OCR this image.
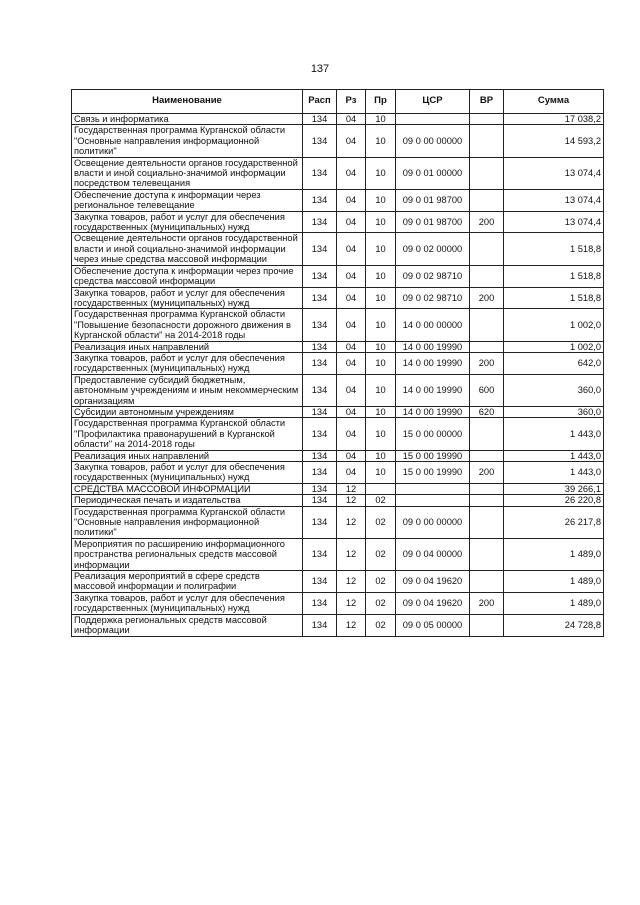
137
Наименование	Расп	Рз	Пр	ЦСР	ВР	Сумма
Связь и информатика	134	04	10			17 038,2
Государственная программа Курганской области "Основные направления информационной политики"	134	04	10	09 0 00 00000		14 593,2
Освещение деятельности органов государственной власти и иной социально-значимой информации посредством телевещания	134	04	10	09 0 01 00000		13 074,4
Обеспечение доступа к информации через региональное телевещание	134	04	10	09 0 01 98700		13 074,4
Закупка товаров, работ и услуг для обеспечения государственных (муниципальных) нужд	134	04	10	09 0 01 98700	200	13 074,4
Освещение деятельности органов государственной власти и иной социально-значимой информации через иные средства массовой информации	134	04	10	09 0 02 00000		1 518,8
Обеспечение доступа к информации через прочие средства массовой информации	134	04	10	09 0 02 98710		1 518,8
Закупка товаров, работ и услуг для обеспечения государственных (муниципальных) нужд	134	04	10	09 0 02 98710	200	1 518,8
Государственная программа Курганской области "Повышение безопасности дорожного движения в Курганской области" на 2014-2018 годы	134	04	10	14 0 00 00000		1 002,0
Реализация иных направлений	134	04	10	14 0 00 19990		1 002,0
Закупка товаров, работ и услуг для обеспечения государственных (муниципальных) нужд	134	04	10	14 0 00 19990	200	642,0
Предоставление субсидий бюджетным, автономным учреждениям и иным некоммерческим организациям	134	04	10	14 0 00 19990	600	360,0
Субсидии автономным учреждениям	134	04	10	14 0 00 19990	620	360,0
Государственная программа Курганской области "Профилактика правонарушений в Курганской области" на 2014-2018 годы	134	04	10	15 0 00 00000		1 443,0
Реализация иных направлений	134	04	10	15 0 00 19990		1 443,0
Закупка товаров, работ и услуг для обеспечения государственных (муниципальных) нужд	134	04	10	15 0 00 19990	200	1 443,0
СРЕДСТВА МАССОВОЙ ИНФОРМАЦИИ	134	12				39 266,1
Периодическая печать и издательства	134	12	02			26 220,8
Государственная программа Курганской области "Основные направления информационной политики"	134	12	02	09 0 00 00000		26 217,8
Мероприятия по расширению информационного пространства региональных средств массовой информации	134	12	02	09 0 04 00000		1 489,0
Реализация мероприятий в сфере средств массовой информации и полиграфии	134	12	02	09 0 04 19620		1 489,0
Закупка товаров, работ и услуг для обеспечения государственных (муниципальных) нужд	134	12	02	09 0 04 19620	200	1 489,0
Поддержка региональных средств массовой информации	134	12	02	09 0 05 00000		24 728,8
